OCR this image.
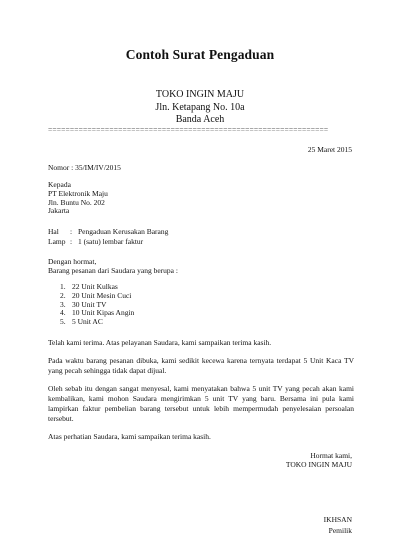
Contoh Surat Pengaduan
TOKO INGIN MAJU
Jln. Ketapang No. 10a
Banda Aceh
================================================================
25 Maret 2015
Nomor : 35/IM/IV/2015
Kepada
PT Elektronik Maju
Jln. Buntu No. 202
Jakarta
Hal : Pengaduan Kerusakan Barang
Lamp : 1 (satu) lembar faktur
Dengan hormat,
Barang pesanan dari Saudara yang berupa :
1. 22 Unit Kulkas
2. 20 Unit Mesin Cuci
3. 30 Unit TV
4. 10 Unit Kipas Angin
5. 5 Unit AC
Telah kami terima. Atas pelayanan Saudara, kami sampaikan terima kasih.
Pada waktu barang pesanan dibuka, kami sedikit kecewa karena ternyata terdapat 5 Unit Kaca TV yang pecah sehingga tidak dapat dijual.
Oleh sebab itu dengan sangat menyesal, kami menyatakan bahwa 5 unit TV yang pecah akan kami kembalikan, kami mohon Saudara mengirimkan 5 unit TV yang baru. Bersama ini pula kami lampirkan faktur pembelian barang tersebut untuk lebih mempermudah penyelesaian persoalan tersebut.
Atas perhatian Saudara, kami sampaikan terima kasih.
Hormat kami,
TOKO INGIN MAJU
IKHSAN
Pemilik
